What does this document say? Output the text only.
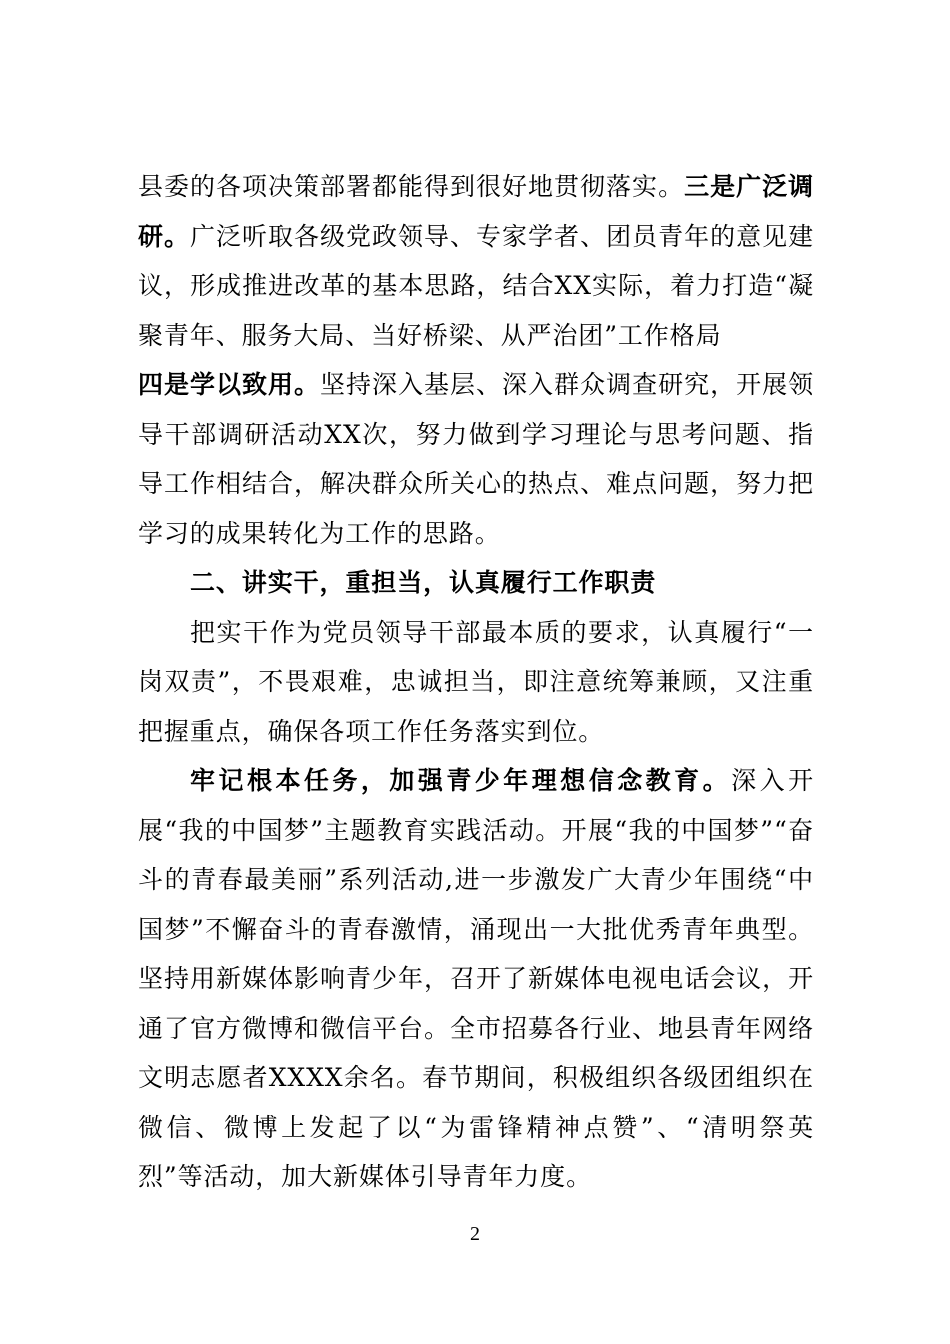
县委的各项决策部署都能得到很好地贯彻落实。三是广泛调研。广泛听取各级党政领导、专家学者、团员青年的意见建议，形成推进改革的基本思路，结合XX实际，着力打造“凝聚青年、服务大局、当好桥梁、从严治团”工作格局

四是学以致用。坚持深入基层、深入群众调查研究，开展领导干部调研活动XX次，努力做到学习理论与思考问题、指导工作相结合，解决群众所关心的热点、难点问题，努力把学习的成果转化为工作的思路。

二、讲实干，重担当，认真履行工作职责

把实干作为党员领导干部最本质的要求，认真履行“一岗双责”，不畏艰难，忠诚担当，即注意统筹兼顾，又注重把握重点，确保各项工作任务落实到位。

牢记根本任务，加强青少年理想信念教育。深入开展“我的中国梦”主题教育实践活动。开展“我的中国梦”“奋斗的青春最美丽”系列活动,进一步激发广大青少年围绕“中国梦”不懈奋斗的青春激情，涌现出一大批优秀青年典型。坚持用新媒体影响青少年，召开了新媒体电视电话会议，开通了官方微博和微信平台。全市招募各行业、地县青年网络文明志愿者XXXX余名。春节期间，积极组织各级团组织在微信、微博上发起了以“为雷锋精神点赞”、“清明祭英烈”等活动，加大新媒体引导青年力度。

2
